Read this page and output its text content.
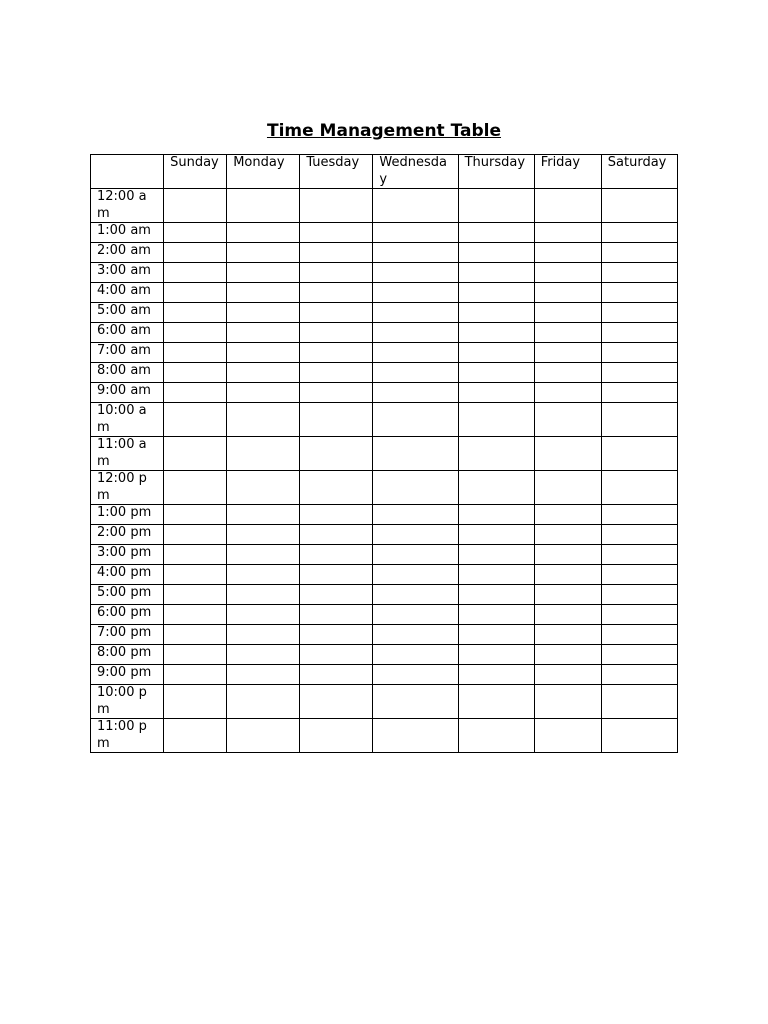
Time Management Table
	Sunday	Monday	Tuesday	Wednesday	Thursday	Friday	Saturday
12:00 am							
1:00 am							
2:00 am							
3:00 am							
4:00 am							
5:00 am							
6:00 am							
7:00 am							
8:00 am							
9:00 am							
10:00 am							
11:00 am							
12:00 pm							
1:00 pm							
2:00 pm							
3:00 pm							
4:00 pm							
5:00 pm							
6:00 pm							
7:00 pm							
8:00 pm							
9:00 pm							
10:00 pm							
11:00 pm							
